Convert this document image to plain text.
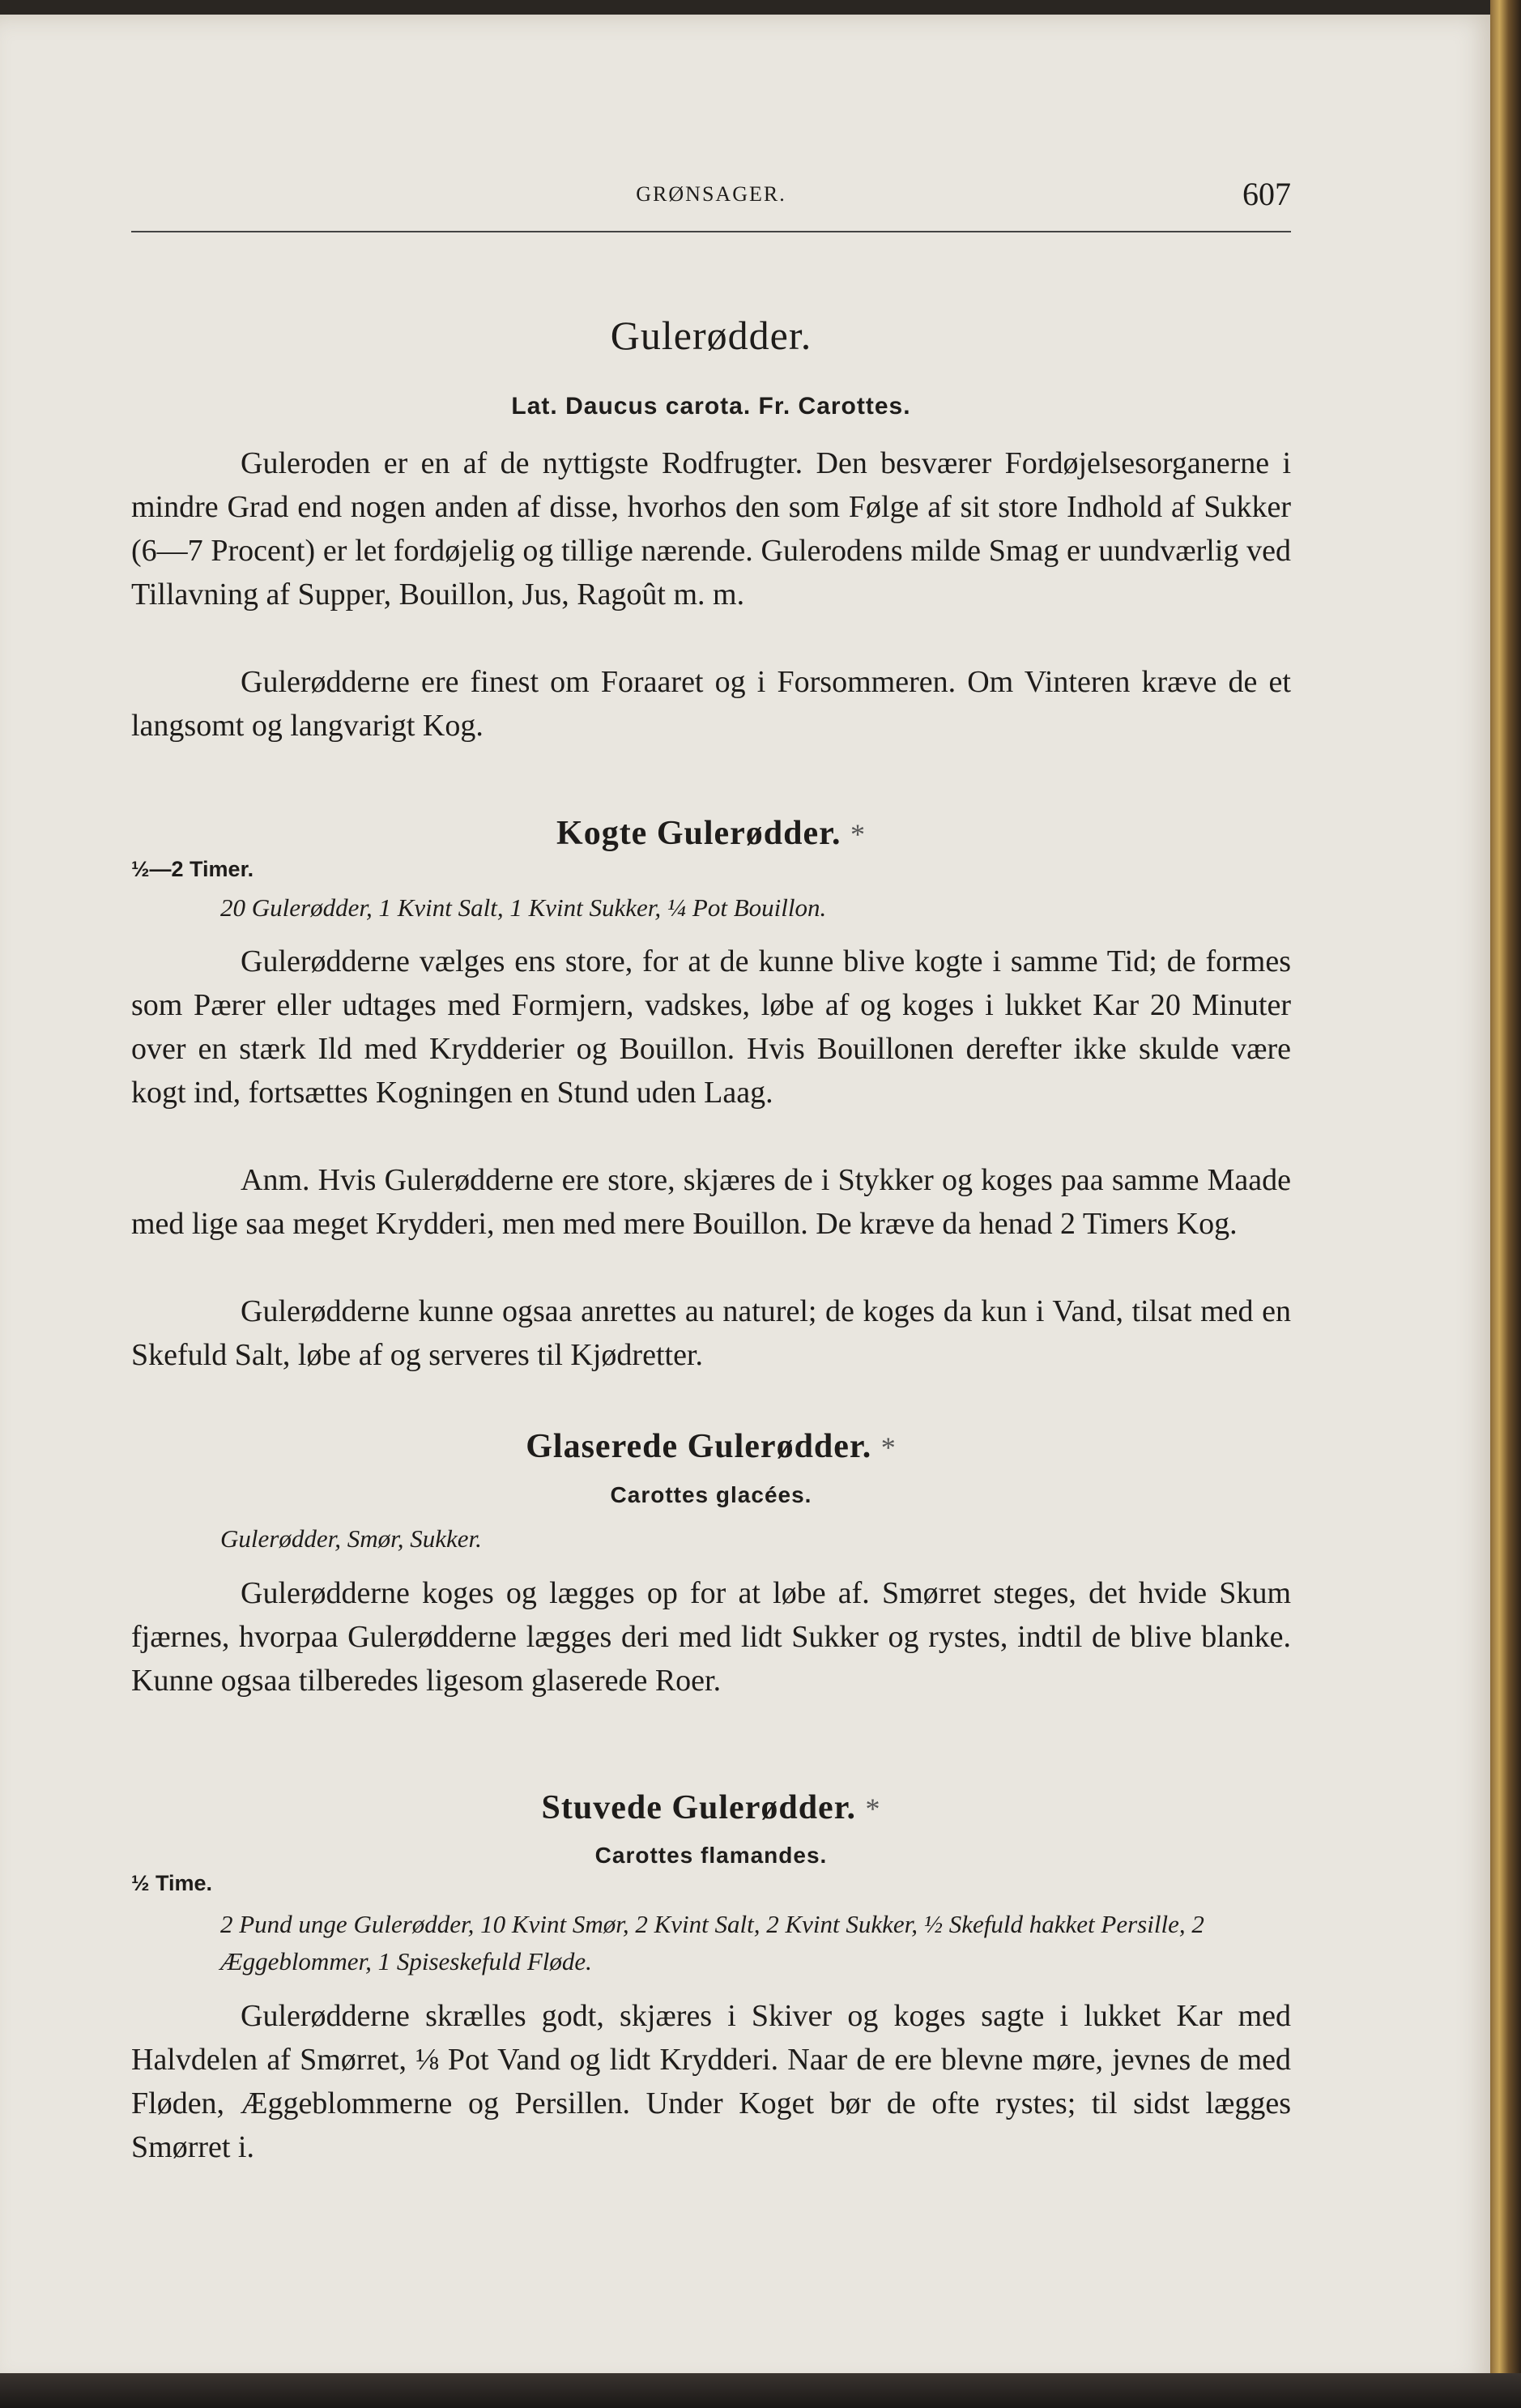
GRØNSAGER.	607
Gulerødder.
Lat. Daucus carota. Fr. Carottes.
Guleroden er en af de nyttigste Rodfrugter. Den besværer Fordøjelsesorganerne i mindre Grad end nogen anden af disse, hvorhos den som Følge af sit store Indhold af Sukker (6—7 Procent) er let fordøjelig og tillige nærende. Gulerodens milde Smag er uundværlig ved Tillavning af Supper, Bouillon, Jus, Ragoût m. m.
Gulerødderne ere finest om Foraaret og i Forsommeren. Om Vinteren kræve de et langsomt og langvarigt Kog.
Kogte Gulerødder. *
½—2 Timer.
20 Gulerødder, 1 Kvint Salt, 1 Kvint Sukker, ¼ Pot Bouillon.
Gulerødderne vælges ens store, for at de kunne blive kogte i samme Tid; de formes som Pærer eller udtages med Formjern, vadskes, løbe af og koges i lukket Kar 20 Minuter over en stærk Ild med Krydderier og Bouillon. Hvis Bouillonen derefter ikke skulde være kogt ind, fortsættes Kogningen en Stund uden Laag.
Anm. Hvis Gulerødderne ere store, skjæres de i Stykker og koges paa samme Maade med lige saa meget Krydderi, men med mere Bouillon. De kræve da henad 2 Timers Kog.
Gulerødderne kunne ogsaa anrettes au naturel; de koges da kun i Vand, tilsat med en Skefuld Salt, løbe af og serveres til Kjødretter.
Glaserede Gulerødder. *
Carottes glacées.
Gulerødder, Smør, Sukker.
Gulerødderne koges og lægges op for at løbe af. Smørret steges, det hvide Skum fjærnes, hvorpaa Gulerødderne lægges deri med lidt Sukker og rystes, indtil de blive blanke. Kunne ogsaa tilberedes ligesom glaserede Roer.
Stuvede Gulerødder. *
Carottes flamandes.
½ Time.
2 Pund unge Gulerødder, 10 Kvint Smør, 2 Kvint Salt, 2 Kvint Sukker, ½ Skefuld hakket Persille, 2 Æggeblommer, 1 Spiseskefuld Fløde.
Gulerødderne skrælles godt, skjæres i Skiver og koges sagte i lukket Kar med Halvdelen af Smørret, ⅛ Pot Vand og lidt Krydderi. Naar de ere blevne møre, jevnes de med Fløden, Æggeblommerne og Persillen. Under Koget bør de ofte rystes; til sidst lægges Smørret i.
